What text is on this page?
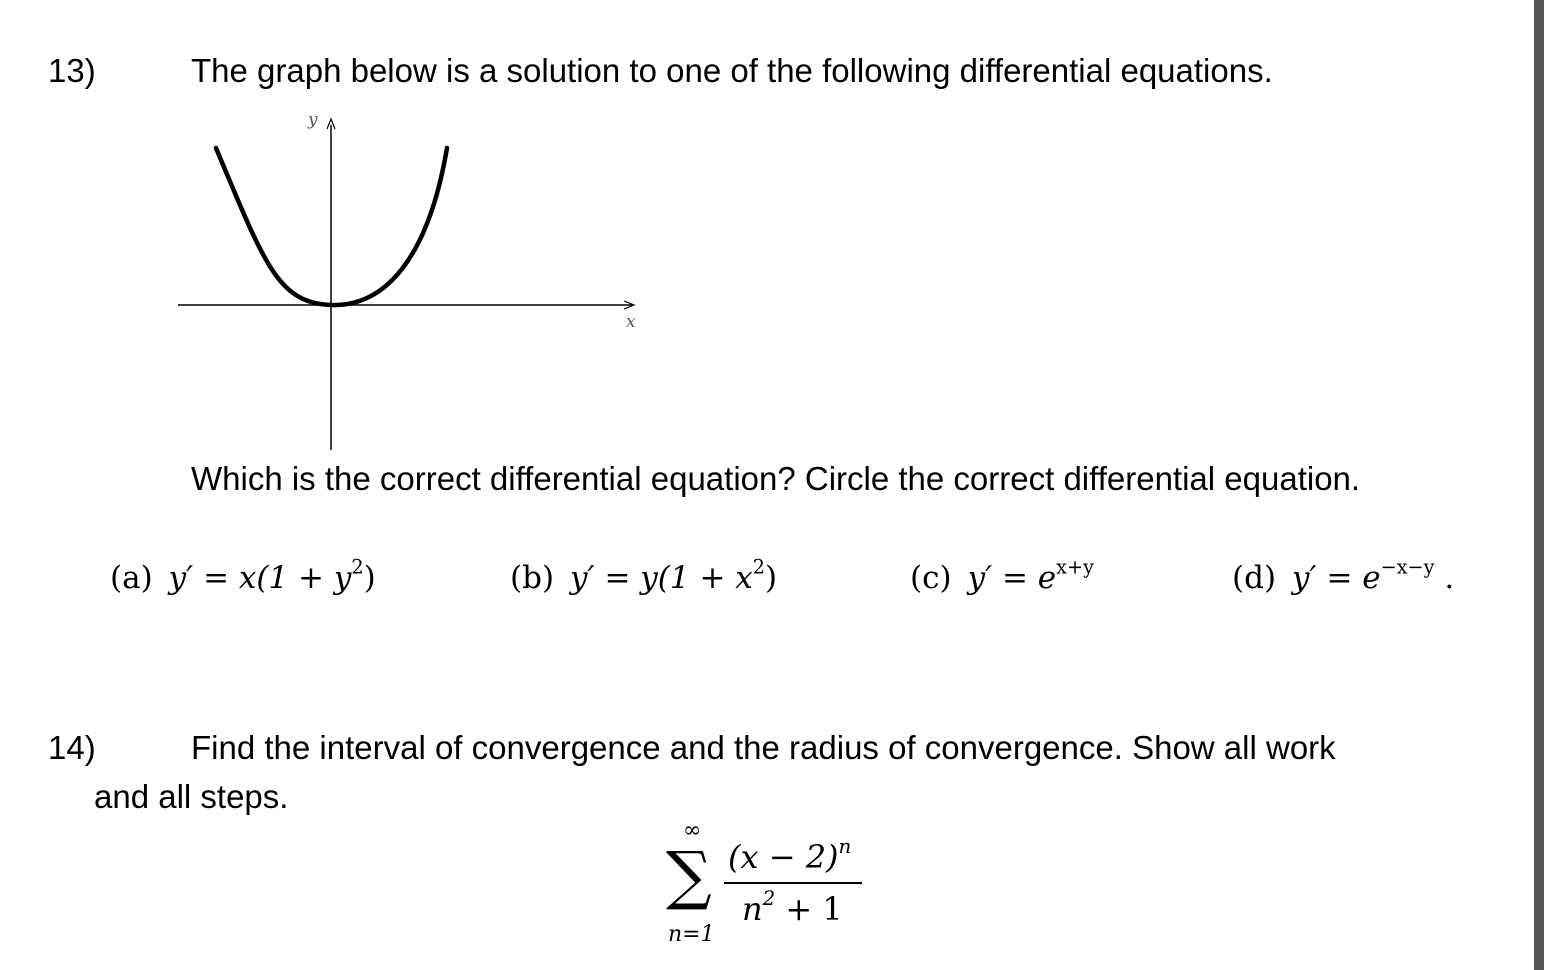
13)	The graph below is a solution to one of the following differential equations.
y
x
Which is the correct differential equation? Circle the correct differential equation.
(a) $y' = x(1 + y^2)$	(b) $y' = y(1 + x^2)$	(c) $y' = e^{x+y}$	(d) $y' = e^{-x-y}$ .
14)	Find the interval of convergence and the radius of convergence. Show all work
and all steps.
∞
∑
n=1
$(x - 2)^n$
$n^2 + 1$
